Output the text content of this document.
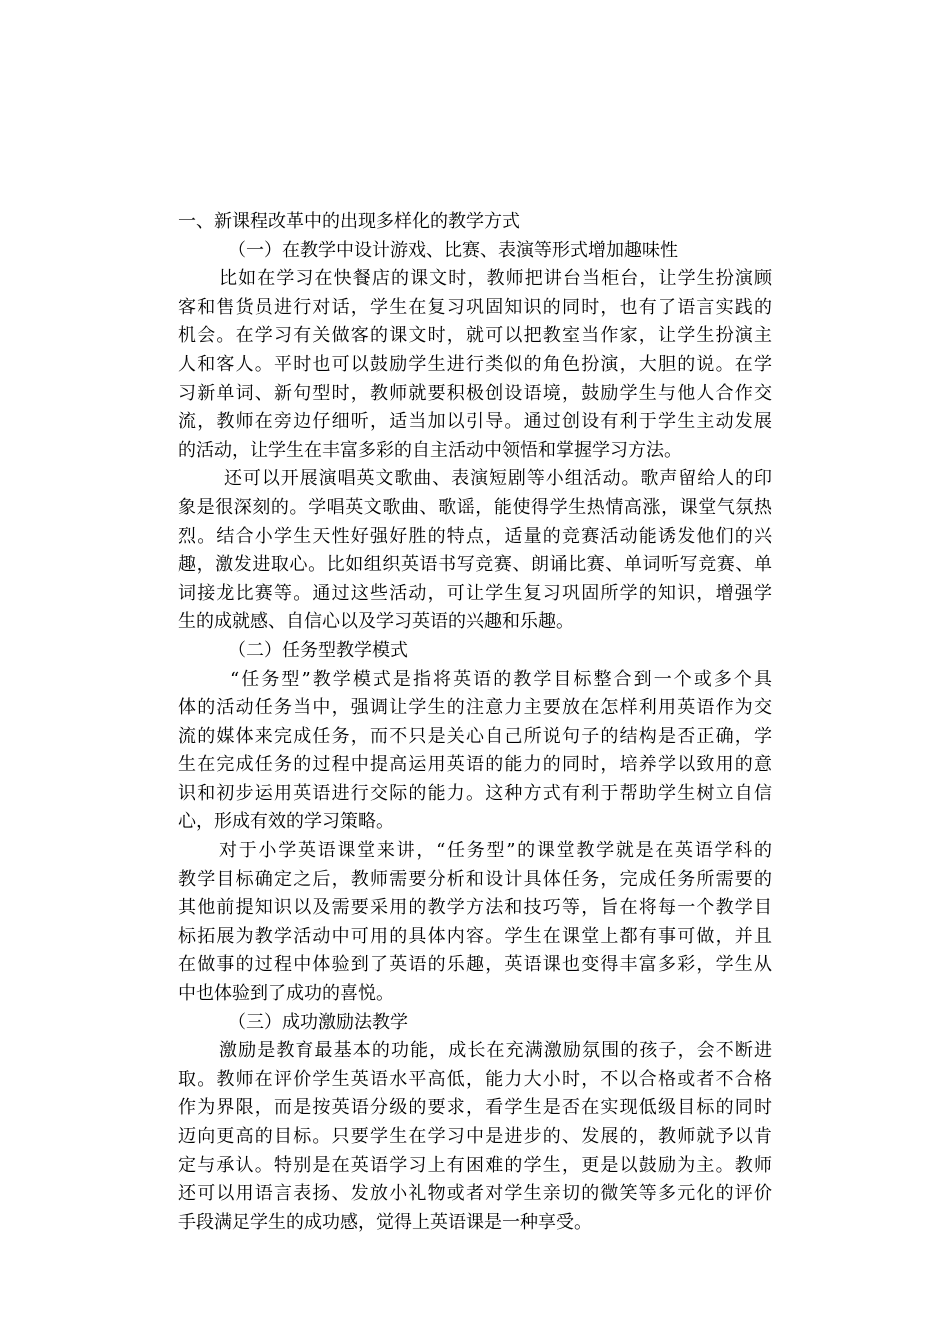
一、新课程改革中的出现多样化的教学方式
（一）在教学中设计游戏、比赛、表演等形式增加趣味性
比如在学习在快餐店的课文时，教师把讲台当柜台，让学生扮演顾
客和售货员进行对话，学生在复习巩固知识的同时，也有了语言实践的
机会。在学习有关做客的课文时，就可以把教室当作家，让学生扮演主
人和客人。平时也可以鼓励学生进行类似的角色扮演，大胆的说。在学
习新单词、新句型时，教师就要积极创设语境，鼓励学生与他人合作交
流，教师在旁边仔细听，适当加以引导。通过创设有利于学生主动发展
的活动，让学生在丰富多彩的自主活动中领悟和掌握学习方法。
还可以开展演唱英文歌曲、表演短剧等小组活动。歌声留给人的印
象是很深刻的。学唱英文歌曲、歌谣，能使得学生热情高涨，课堂气氛热
烈。结合小学生天性好强好胜的特点，适量的竞赛活动能诱发他们的兴
趣，激发进取心。比如组织英语书写竞赛、朗诵比赛、单词听写竞赛、单
词接龙比赛等。通过这些活动，可让学生复习巩固所学的知识，增强学
生的成就感、自信心以及学习英语的兴趣和乐趣。
（二）任务型教学模式
“任务型”教学模式是指将英语的教学目标整合到一个或多个具
体的活动任务当中，强调让学生的注意力主要放在怎样利用英语作为交
流的媒体来完成任务，而不只是关心自己所说句子的结构是否正确，学
生在完成任务的过程中提高运用英语的能力的同时，培养学以致用的意
识和初步运用英语进行交际的能力。这种方式有利于帮助学生树立自信
心，形成有效的学习策略。
对于小学英语课堂来讲，“任务型”的课堂教学就是在英语学科的
教学目标确定之后，教师需要分析和设计具体任务，完成任务所需要的
其他前提知识以及需要采用的教学方法和技巧等，旨在将每一个教学目
标拓展为教学活动中可用的具体内容。学生在课堂上都有事可做，并且
在做事的过程中体验到了英语的乐趣，英语课也变得丰富多彩，学生从
中也体验到了成功的喜悦。
（三）成功激励法教学
激励是教育最基本的功能，成长在充满激励氛围的孩子，会不断进
取。教师在评价学生英语水平高低，能力大小时，不以合格或者不合格
作为界限，而是按英语分级的要求，看学生是否在实现低级目标的同时
迈向更高的目标。只要学生在学习中是进步的、发展的，教师就予以肯
定与承认。特别是在英语学习上有困难的学生，更是以鼓励为主。教师
还可以用语言表扬、发放小礼物或者对学生亲切的微笑等多元化的评价
手段满足学生的成功感，觉得上英语课是一种享受。
